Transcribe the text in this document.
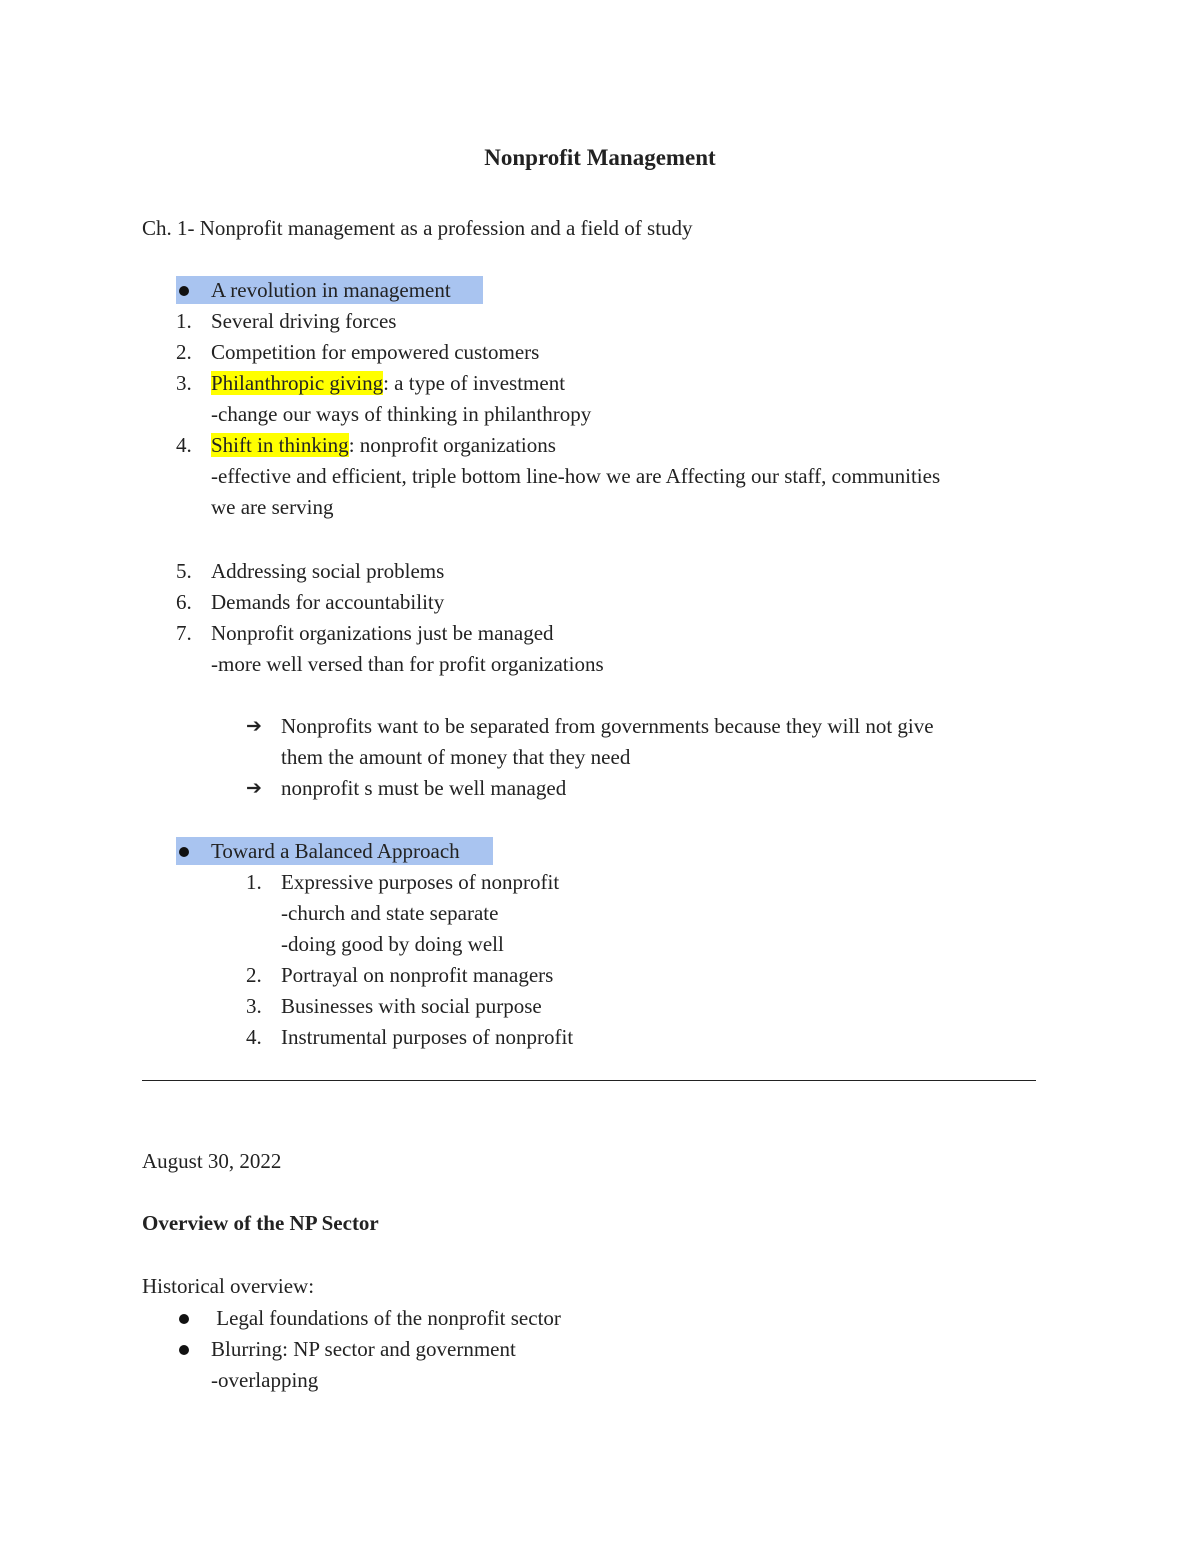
Nonprofit Management
Ch. 1- Nonprofit management as a profession and a field of study
A revolution in management
1. Several driving forces
2. Competition for empowered customers
3. Philanthropic giving: a type of investment
-change our ways of thinking in philanthropy
4. Shift in thinking: nonprofit organizations
-effective and efficient, triple bottom line-how we are Affecting our staff, communities
we are serving
5. Addressing social problems
6. Demands for accountability
7. Nonprofit organizations just be managed
-more well versed than for profit organizations
➔ Nonprofits want to be separated from governments because they will not give
them the amount of money that they need
➔ nonprofit s must be well managed
Toward a Balanced Approach
1. Expressive purposes of nonprofit
-church and state separate
-doing good by doing well
2. Portrayal on nonprofit managers
3. Businesses with social purpose
4. Instrumental purposes of nonprofit
August 30, 2022
Overview of the NP Sector
Historical overview:
Legal foundations of the nonprofit sector
Blurring: NP sector and government
-overlapping
